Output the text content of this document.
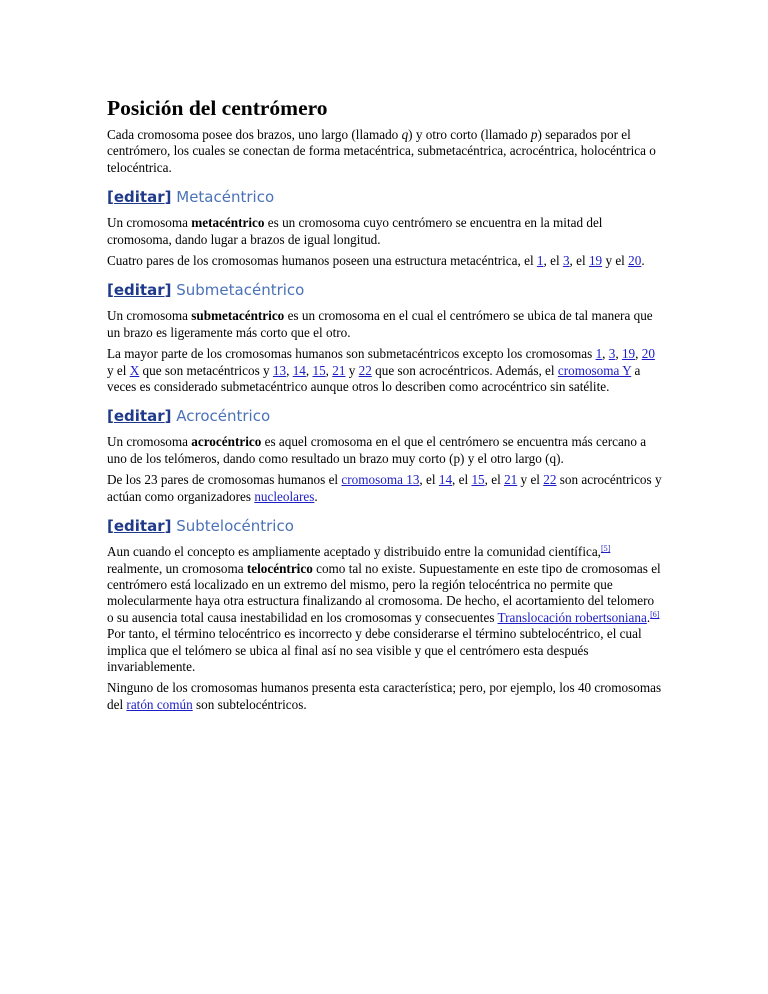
Posición del centrómero

Cada cromosoma posee dos brazos, uno largo (llamado q) y otro corto (llamado p) separados por el centrómero, los cuales se conectan de forma metacéntrica, submetacéntrica, acrocéntrica, holocéntrica o telocéntrica.

[editar] Metacéntrico

Un cromosoma metacéntrico es un cromosoma cuyo centrómero se encuentra en la mitad del cromosoma, dando lugar a brazos de igual longitud.

Cuatro pares de los cromosomas humanos poseen una estructura metacéntrica, el 1, el 3, el 19 y el 20.

[editar] Submetacéntrico

Un cromosoma submetacéntrico es un cromosoma en el cual el centrómero se ubica de tal manera que un brazo es ligeramente más corto que el otro.

La mayor parte de los cromosomas humanos son submetacéntricos excepto los cromosomas 1, 3, 19, 20 y el X que son metacéntricos y 13, 14, 15, 21 y 22 que son acrocéntricos. Además, el cromosoma Y a veces es considerado submetacéntrico aunque otros lo describen como acrocéntrico sin satélite.

[editar] Acrocéntrico

Un cromosoma acrocéntrico es aquel cromosoma en el que el centrómero se encuentra más cercano a uno de los telómeros, dando como resultado un brazo muy corto (p) y el otro largo (q).

De los 23 pares de cromosomas humanos el cromosoma 13, el 14, el 15, el 21 y el 22 son acrocéntricos y actúan como organizadores nucleolares.

[editar] Subtelocéntrico

Aun cuando el concepto es ampliamente aceptado y distribuido entre la comunidad científica,[5] realmente, un cromosoma telocéntrico como tal no existe. Supuestamente en este tipo de cromosomas el centrómero está localizado en un extremo del mismo, pero la región telocéntrica no permite que molecularmente haya otra estructura finalizando al cromosoma. De hecho, el acortamiento del telomero o su ausencia total causa inestabilidad en los cromosomas y consecuentes Translocación robertsoniana.[6] Por tanto, el término telocéntrico es incorrecto y debe considerarse el término subtelocéntrico, el cual implica que el telómero se ubica al final así no sea visible y que el centrómero esta después invariablemente.

Ninguno de los cromosomas humanos presenta esta característica; pero, por ejemplo, los 40 cromosomas del ratón común son subtelocéntricos.
